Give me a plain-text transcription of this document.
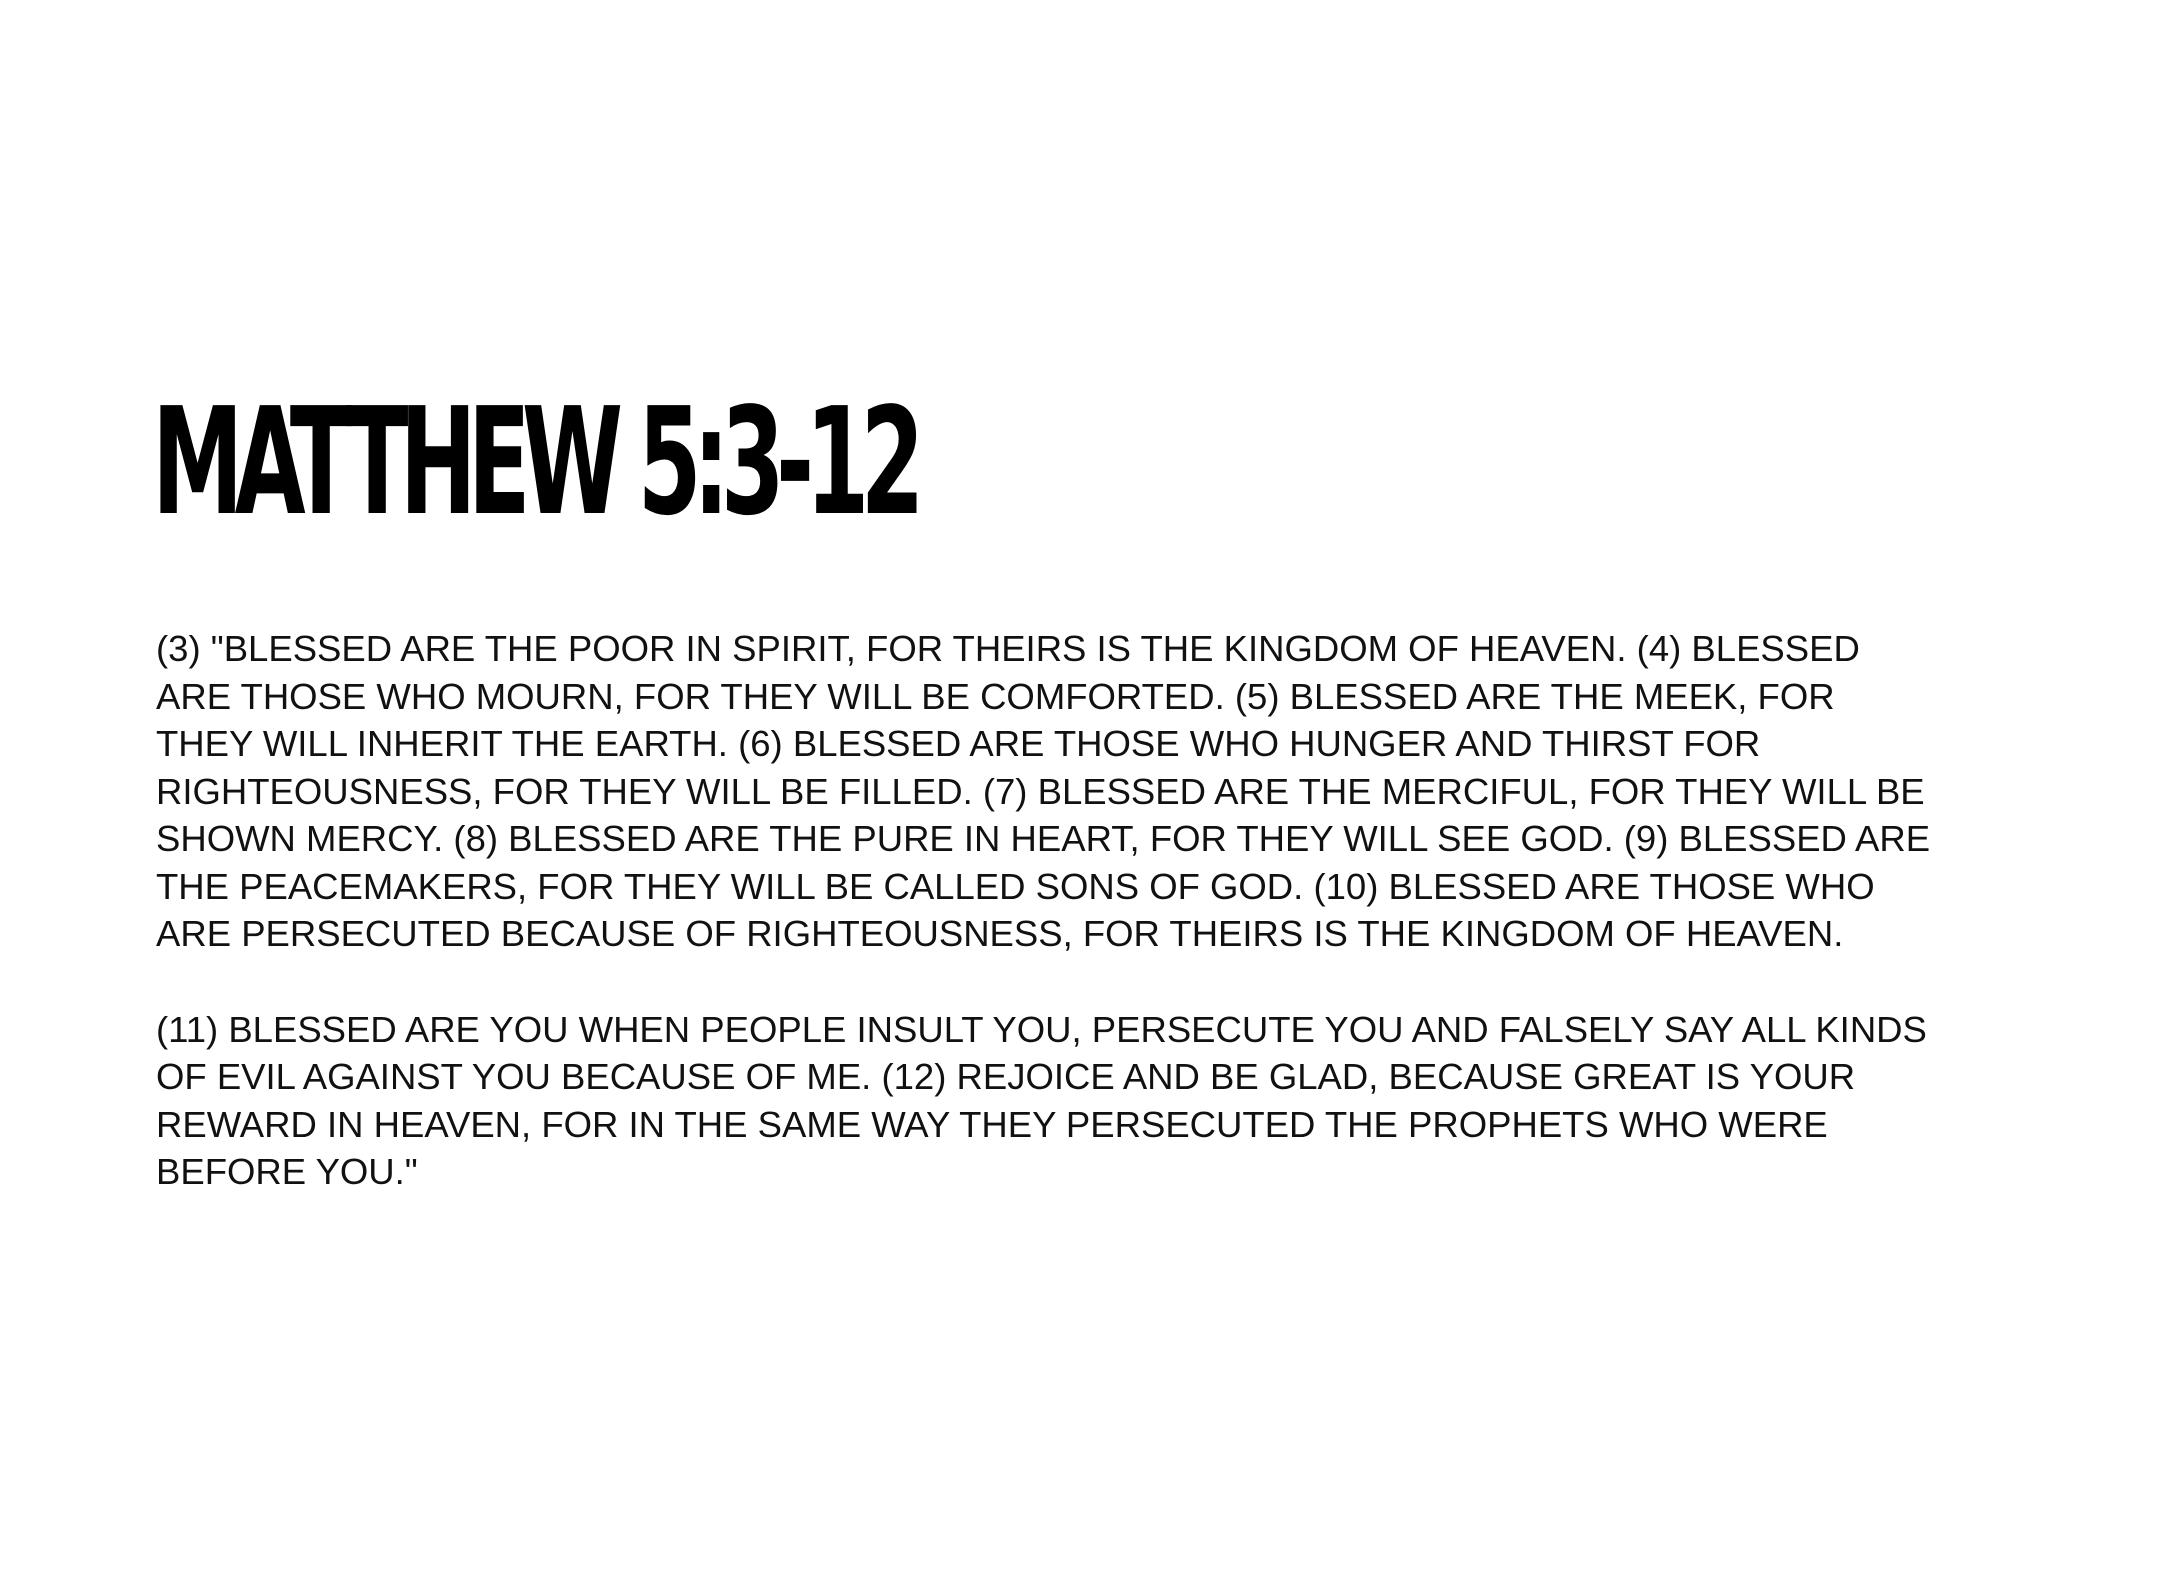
MATTHEW 5:3-12

(3) "BLESSED ARE THE POOR IN SPIRIT, FOR THEIRS IS THE KINGDOM OF HEAVEN. (4) BLESSED

ARE THOSE WHO MOURN, FOR THEY WILL BE COMFORTED. (5) BLESSED ARE THE MEEK, FOR

THEY WILL INHERIT THE EARTH. (6) BLESSED ARE THOSE WHO HUNGER AND THIRST FOR

RIGHTEOUSNESS, FOR THEY WILL BE FILLED. (7) BLESSED ARE THE MERCIFUL, FOR THEY WILL BE

SHOWN MERCY. (8) BLESSED ARE THE PURE IN HEART, FOR THEY WILL SEE GOD. (9) BLESSED ARE

THE PEACEMAKERS, FOR THEY WILL BE CALLED SONS OF GOD. (10) BLESSED ARE THOSE WHO

ARE PERSECUTED BECAUSE OF RIGHTEOUSNESS, FOR THEIRS IS THE KINGDOM OF HEAVEN.

(11) BLESSED ARE YOU WHEN PEOPLE INSULT YOU, PERSECUTE YOU AND FALSELY SAY ALL KINDS

OF EVIL AGAINST YOU BECAUSE OF ME. (12) REJOICE AND BE GLAD, BECAUSE GREAT IS YOUR

REWARD IN HEAVEN, FOR IN THE SAME WAY THEY PERSECUTED THE PROPHETS WHO WERE

BEFORE YOU."
